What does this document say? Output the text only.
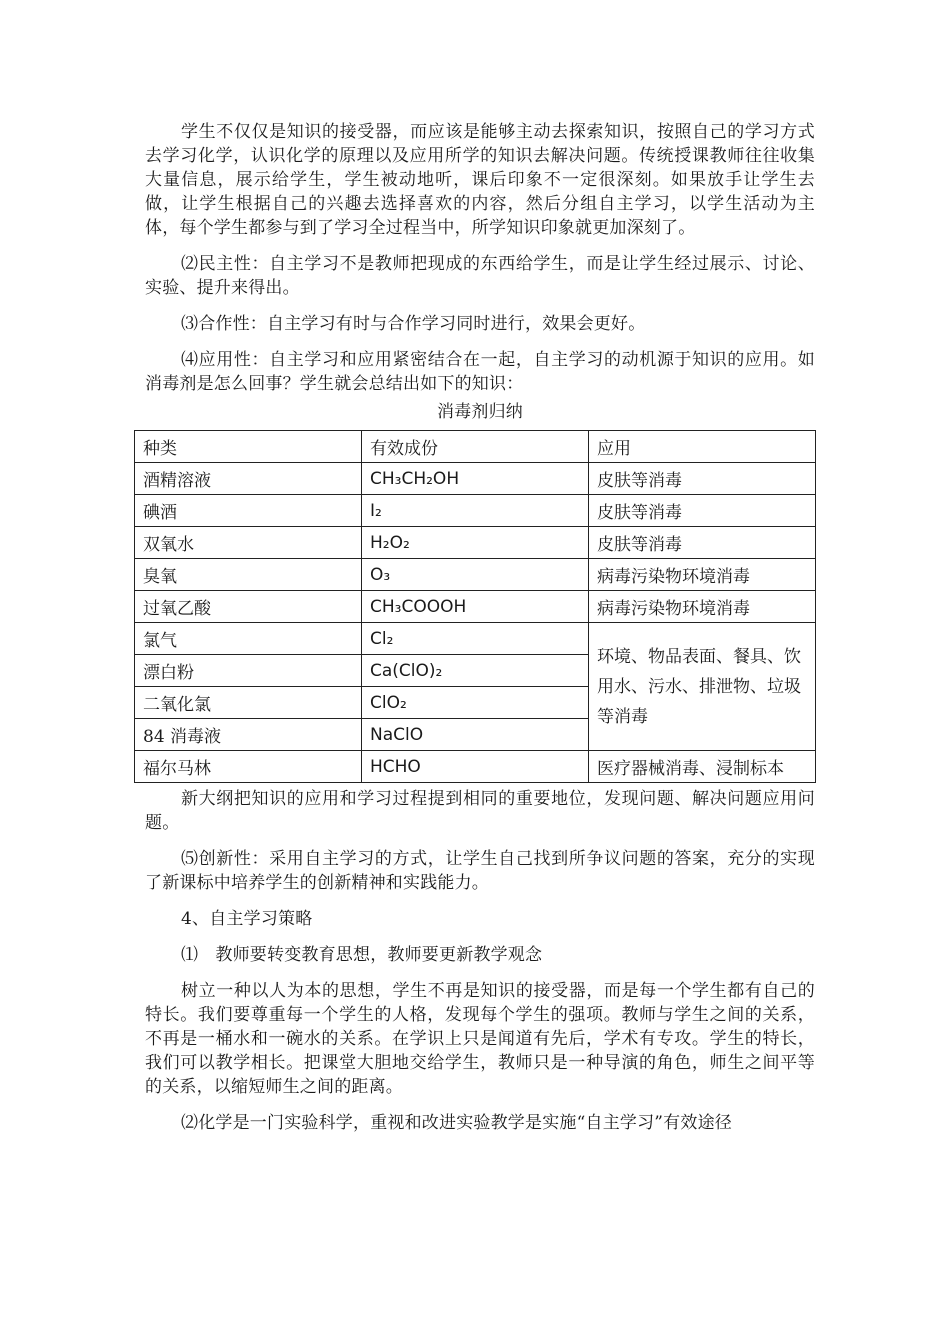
学生不仅仅是知识的接受器，而应该是能够主动去探索知识，按照自己的学习方式去学习化学，认识化学的原理以及应用所学的知识去解决问题。传统授课教师往往收集大量信息，展示给学生，学生被动地听，课后印象不一定很深刻。如果放手让学生去做，让学生根据自己的兴趣去选择喜欢的内容，然后分组自主学习，以学生活动为主体，每个学生都参与到了学习全过程当中，所学知识印象就更加深刻了。

⑵民主性：自主学习不是教师把现成的东西给学生，而是让学生经过展示、讨论、实验、提升来得出。

⑶合作性：自主学习有时与合作学习同时进行，效果会更好。

⑷应用性：自主学习和应用紧密结合在一起，自主学习的动机源于知识的应用。如消毒剂是怎么回事？学生就会总结出如下的知识：

消毒剂归纳

种类	有效成份	应用
酒精溶液	CH₃CH₂OH	皮肤等消毒
碘酒	I₂	皮肤等消毒
双氧水	H₂O₂	皮肤等消毒
臭氧	O₃	病毒污染物环境消毒
过氧乙酸	CH₃COOOH	病毒污染物环境消毒
氯气	Cl₂	环境、物品表面、餐具、饮用水、污水、排泄物、垃圾等消毒
漂白粉	Ca(ClO)₂	
二氧化氯	ClO₂	
84 消毒液	NaClO	
福尔马林	HCHO	医疗器械消毒、浸制标本

新大纲把知识的应用和学习过程提到相同的重要地位，发现问题、解决问题应用问题。

⑸创新性：采用自主学习的方式，让学生自己找到所争议问题的答案，充分的实现了新课标中培养学生的创新精神和实践能力。

4、自主学习策略

⑴　教师要转变教育思想，教师要更新教学观念

树立一种以人为本的思想，学生不再是知识的接受器，而是每一个学生都有自己的特长。我们要尊重每一个学生的人格，发现每个学生的强项。教师与学生之间的关系，不再是一桶水和一碗水的关系。在学识上只是闻道有先后，学术有专攻。学生的特长，我们可以教学相长。把课堂大胆地交给学生，教师只是一种导演的角色，师生之间平等的关系，以缩短师生之间的距离。

⑵化学是一门实验科学，重视和改进实验教学是实施“自主学习”有效途径
